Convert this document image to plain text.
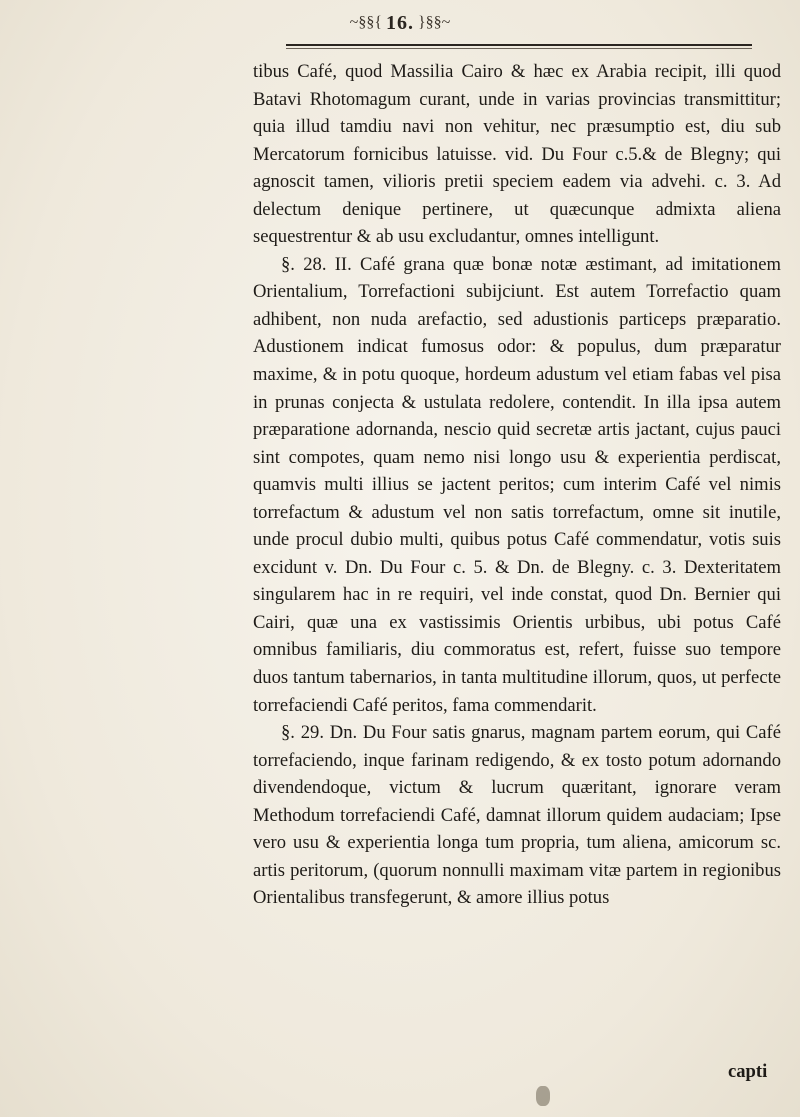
~§§{ 16. }§§~

tibus Café, quod Massilia Cairo & hæc ex Arabia recipit, illi quod Batavi Rhotomagum curant, unde in varias provincias transmittitur; quia illud tamdiu navi non vehitur, nec præsumptio est, diu sub Mercatorum fornicibus latuisse. vid. Du Four c.5.& de Blegny; qui agnoscit tamen, vilioris pretii speciem eadem via advehi. c. 3. Ad delectum denique pertinere, ut quæcunque admixta aliena sequestrentur & ab usu excludantur, omnes intelligunt.

§. 28. II. Café grana quæ bonæ notæ æstimant, ad imitationem Orientalium, Torrefactioni subijciunt. Est autem Torrefactio quam adhibent, non nuda arefactio, sed adustionis particeps præparatio. Adustionem indicat fumosus odor: & populus, dum præparatur maxime, & in potu quoque, hordeum adustum vel etiam fabas vel pisa in prunas conjecta & ustulata redolere, contendit. In illa ipsa autem præparatione adornanda, nescio quid secretæ artis jactant, cujus pauci sint compotes, quam nemo nisi longo usu & experientia perdiscat, quamvis multi illius se jactent peritos; cum interim Café vel nimis torrefactum & adustum vel non satis torrefactum, omne sit inutile, unde procul dubio multi, quibus potus Café commendatur, votis suis excidunt v. Dn. Du Four c. 5. & Dn. de Blegny. c. 3. Dexteritatem singularem hac in re requiri, vel inde constat, quod Dn. Bernier qui Cairi, quæ una ex vastissimis Orientis urbibus, ubi potus Café omnibus familiaris, diu commoratus est, refert, fuisse suo tempore duos tantum tabernarios, in tanta multitudine illorum, quos, ut perfecte torrefaciendi Café peritos, fama commendarit.

§. 29. Dn. Du Four satis gnarus, magnam partem eorum, qui Café torrefaciendo, inque farinam redigendo, & ex tosto potum adornando divendendoque, victum & lucrum quæritant, ignorare veram Methodum torrefaciendi Café, damnat illorum quidem audaciam; Ipse vero usu & experientia longa tum propria, tum aliena, amicorum sc. artis peritorum, (quorum nonnulli maximam vitæ partem in regionibus Orientalibus transfegerunt, & amore illius potus

capti
